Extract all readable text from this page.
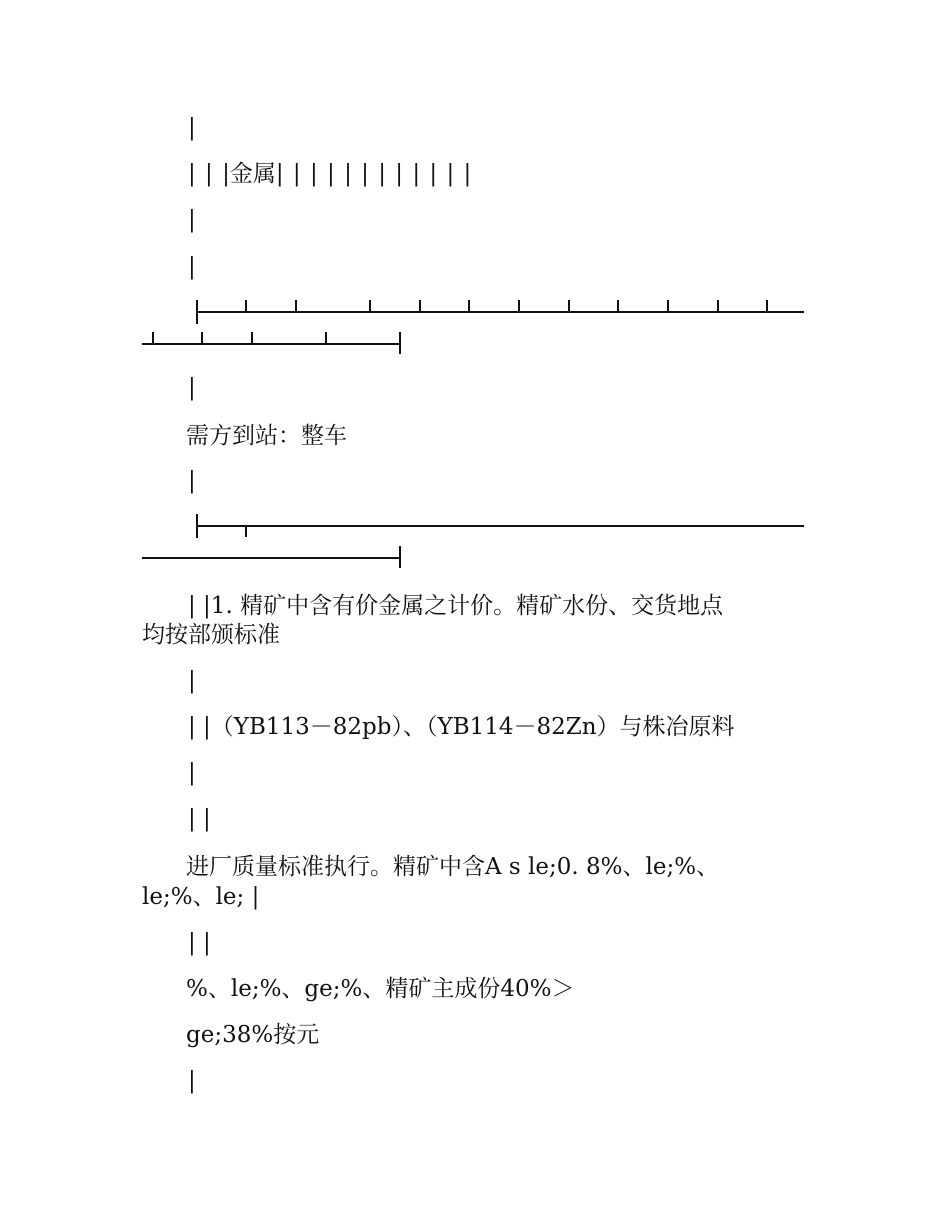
|
| | |金属| | | | | | | | | | | |
|
|
|
需方到站：整车
|
| |1. 精矿中含有价金属之计价。精矿水份、交货地点
均按部颁标准
|
| |（YB113－82pb）、（YB114－82Zn）与株冶原料
|
| |
进厂质量标准执行。精矿中含A s le;0. 8%、le;%、
le;%、le; |
| |
%、le;%、ge;%、精矿主成份40%＞
ge;38%按元
|
